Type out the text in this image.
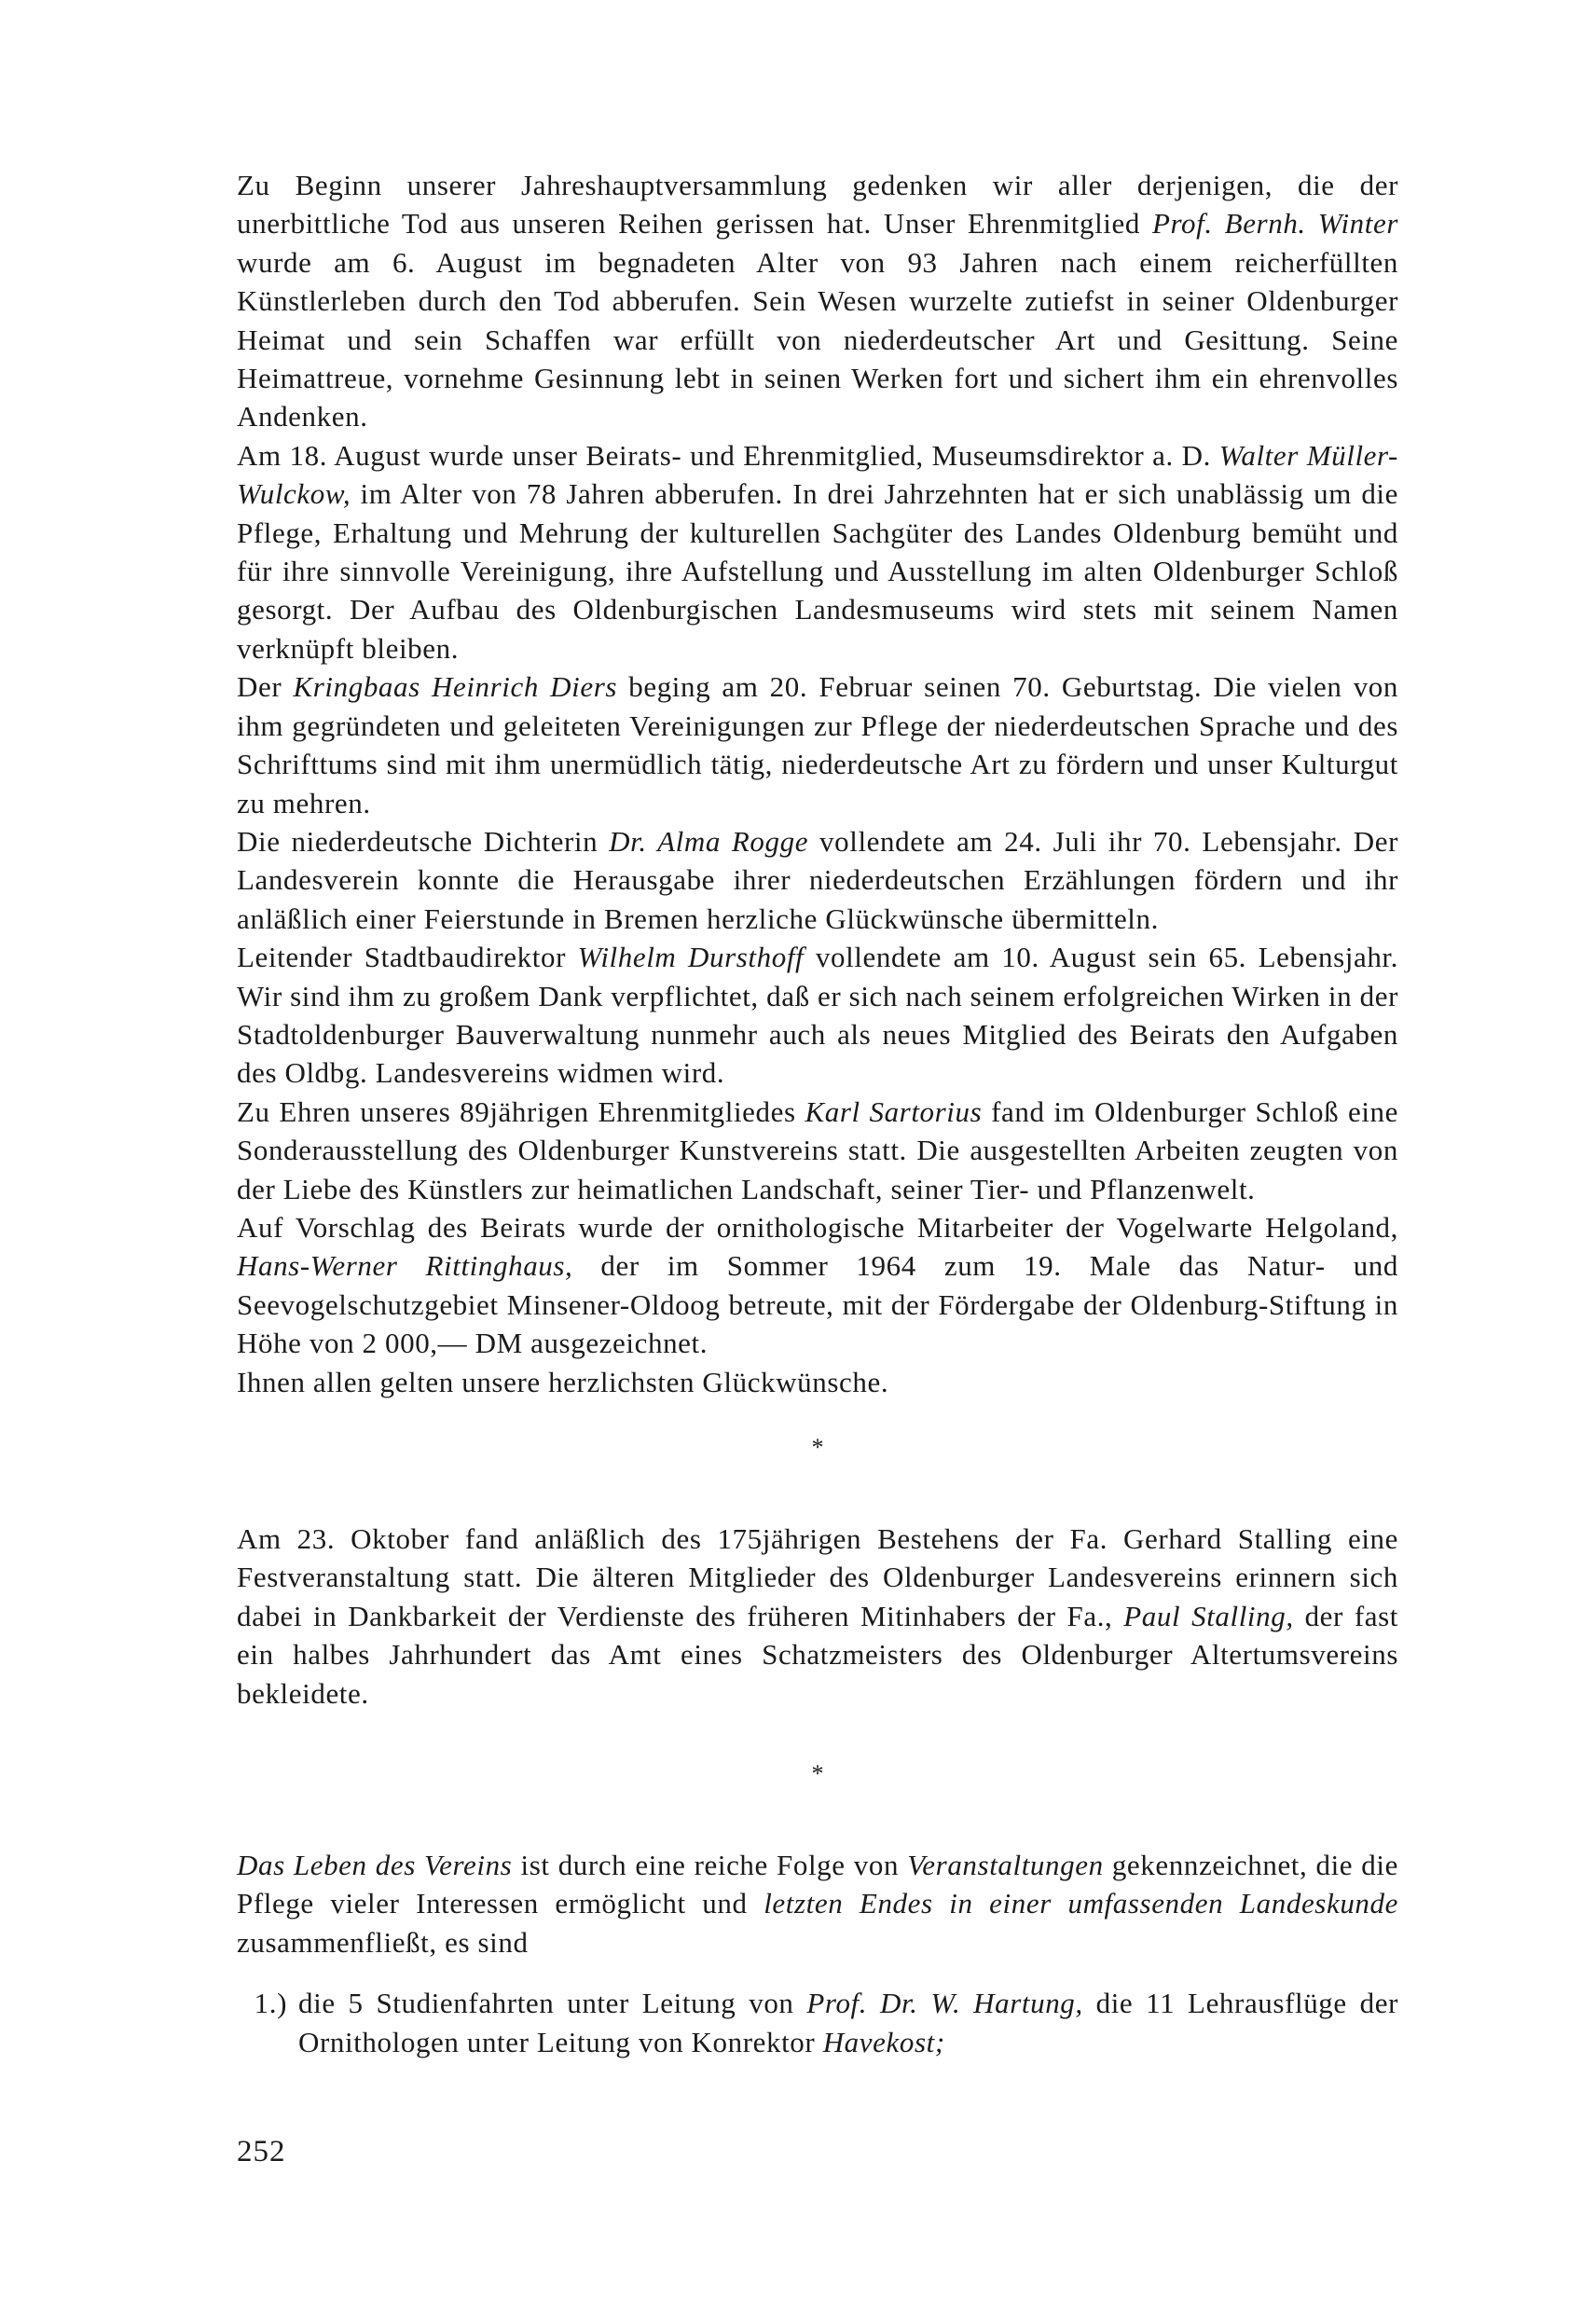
Zu Beginn unserer Jahreshauptversammlung gedenken wir aller derjenigen, die der unerbittliche Tod aus unseren Reihen gerissen hat. Unser Ehrenmitglied Prof. Bernh. Winter wurde am 6. August im begnadeten Alter von 93 Jahren nach einem reicherfüllten Künstlerleben durch den Tod abberufen. Sein Wesen wurzelte zutiefst in seiner Oldenburger Heimat und sein Schaffen war erfüllt von niederdeutscher Art und Gesittung. Seine Heimattreue, vornehme Gesinnung lebt in seinen Werken fort und sichert ihm ein ehrenvolles Andenken.

Am 18. August wurde unser Beirats- und Ehrenmitglied, Museumsdirektor a. D. Walter Müller-Wulckow, im Alter von 78 Jahren abberufen. In drei Jahrzehnten hat er sich unablässig um die Pflege, Erhaltung und Mehrung der kulturellen Sachgüter des Landes Oldenburg bemüht und für ihre sinnvolle Vereinigung, ihre Aufstellung und Ausstellung im alten Oldenburger Schloß gesorgt. Der Aufbau des Oldenburgischen Landesmuseums wird stets mit seinem Namen verknüpft bleiben.

Der Kringbaas Heinrich Diers beging am 20. Februar seinen 70. Geburtstag. Die vielen von ihm gegründeten und geleiteten Vereinigungen zur Pflege der niederdeutschen Sprache und des Schrifttums sind mit ihm unermüdlich tätig, niederdeutsche Art zu fördern und unser Kulturgut zu mehren.

Die niederdeutsche Dichterin Dr. Alma Rogge vollendete am 24. Juli ihr 70. Lebensjahr. Der Landesverein konnte die Herausgabe ihrer niederdeutschen Erzählungen fördern und ihr anläßlich einer Feierstunde in Bremen herzliche Glückwünsche übermitteln.

Leitender Stadtbaudirektor Wilhelm Dursthoff vollendete am 10. August sein 65. Lebensjahr. Wir sind ihm zu großem Dank verpflichtet, daß er sich nach seinem erfolgreichen Wirken in der Stadtoldenburger Bauverwaltung nunmehr auch als neues Mitglied des Beirats den Aufgaben des Oldbg. Landesvereins widmen wird.

Zu Ehren unseres 89jährigen Ehrenmitgliedes Karl Sartorius fand im Oldenburger Schloß eine Sonderausstellung des Oldenburger Kunstvereins statt. Die ausgestellten Arbeiten zeugten von der Liebe des Künstlers zur heimatlichen Landschaft, seiner Tier- und Pflanzenwelt.

Auf Vorschlag des Beirats wurde der ornithologische Mitarbeiter der Vogelwarte Helgoland, Hans-Werner Rittinghaus, der im Sommer 1964 zum 19. Male das Natur- und Seevogelschutzgebiet Minsener-Oldoog betreute, mit der Fördergabe der Oldenburg-Stiftung in Höhe von 2 000,— DM ausgezeichnet.

Ihnen allen gelten unsere herzlichsten Glückwünsche.

*

Am 23. Oktober fand anläßlich des 175jährigen Bestehens der Fa. Gerhard Stalling eine Festveranstaltung statt. Die älteren Mitglieder des Oldenburger Landesvereins erinnern sich dabei in Dankbarkeit der Verdienste des früheren Mitinhabers der Fa., Paul Stalling, der fast ein halbes Jahrhundert das Amt eines Schatzmeisters des Oldenburger Altertumsvereins bekleidete.

*

Das Leben des Vereins ist durch eine reiche Folge von Veranstaltungen gekennzeichnet, die die Pflege vieler Interessen ermöglicht und letzten Endes in einer umfassenden Landeskunde zusammenfließt, es sind

1.) die 5 Studienfahrten unter Leitung von Prof. Dr. W. Hartung, die 11 Lehrausflüge der Ornithologen unter Leitung von Konrektor Havekost;

252
